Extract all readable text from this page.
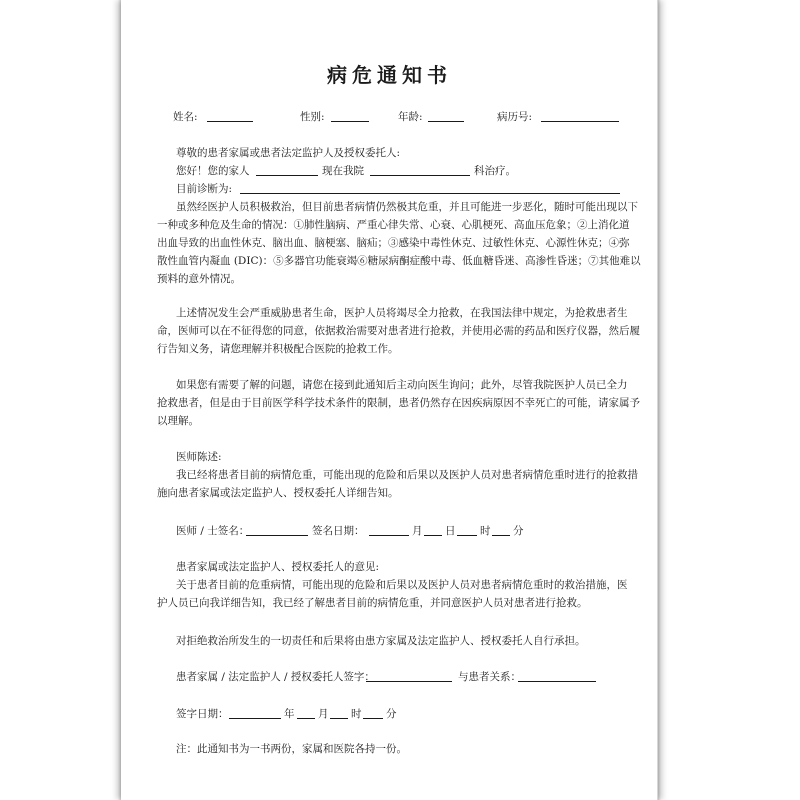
病危通知书
姓名:	性别:	年龄:	病历号:
尊敬的患者家属或患者法定监护人及授权委托人:
您好！您的家人	现在我院	科治疗。
目前诊断为:
虽然经医护人员积极救治，但目前患者病情仍然极其危重，并且可能进一步恶化，随时可能出现以下
一种或多种危及生命的情况：①肺性脑病、严重心律失常、心衰、心肌梗死、高血压危象；②上消化道
出血导致的出血性休克、脑出血、脑梗塞、脑疝；③感染中毒性休克、过敏性休克、心源性休克；④弥
散性血管内凝血 (DIC)：⑤多器官功能衰竭⑥糖尿病酮症酸中毒、低血糖昏迷、高渗性昏迷；⑦其他难以
预料的意外情况。
上述情况发生会严重威胁患者生命，医护人员将竭尽全力抢救，在我国法律中规定，为抢救患者生
命，医师可以在不征得您的同意，依据救治需要对患者进行抢救，并使用必需的药品和医疗仪器，然后履
行告知义务，请您理解并积极配合医院的抢救工作。
如果您有需要了解的问题，请您在接到此通知后主动向医生询问；此外，尽管我院医护人员已全力
抢救患者，但是由于目前医学科学技术条件的限制，患者仍然存在因疾病原因不幸死亡的可能，请家属予
以理解。
医师陈述:
我已经将患者目前的病情危重，可能出现的危险和后果以及医护人员对患者病情危重时进行的抢救措
施向患者家属或法定监护人、授权委托人详细告知。
医师 / 士签名：	签名日期：	月 日 时 分
患者家属或法定监护人、授权委托人的意见:
关于患者目前的危重病情，可能出现的危险和后果以及医护人员对患者病情危重时的救治措施，医
护人员已向我详细告知，我已经了解患者目前的病情危重，并同意医护人员对患者进行抢救。
对拒绝救治所发生的一切责任和后果将由患方家属及法定监护人、授权委托人自行承担。
患者家属 / 法定监护人 / 授权委托人签字：	与患者关系：
签字日期：	年 月 时 分
注：此通知书为一书两份，家属和医院各持一份。
